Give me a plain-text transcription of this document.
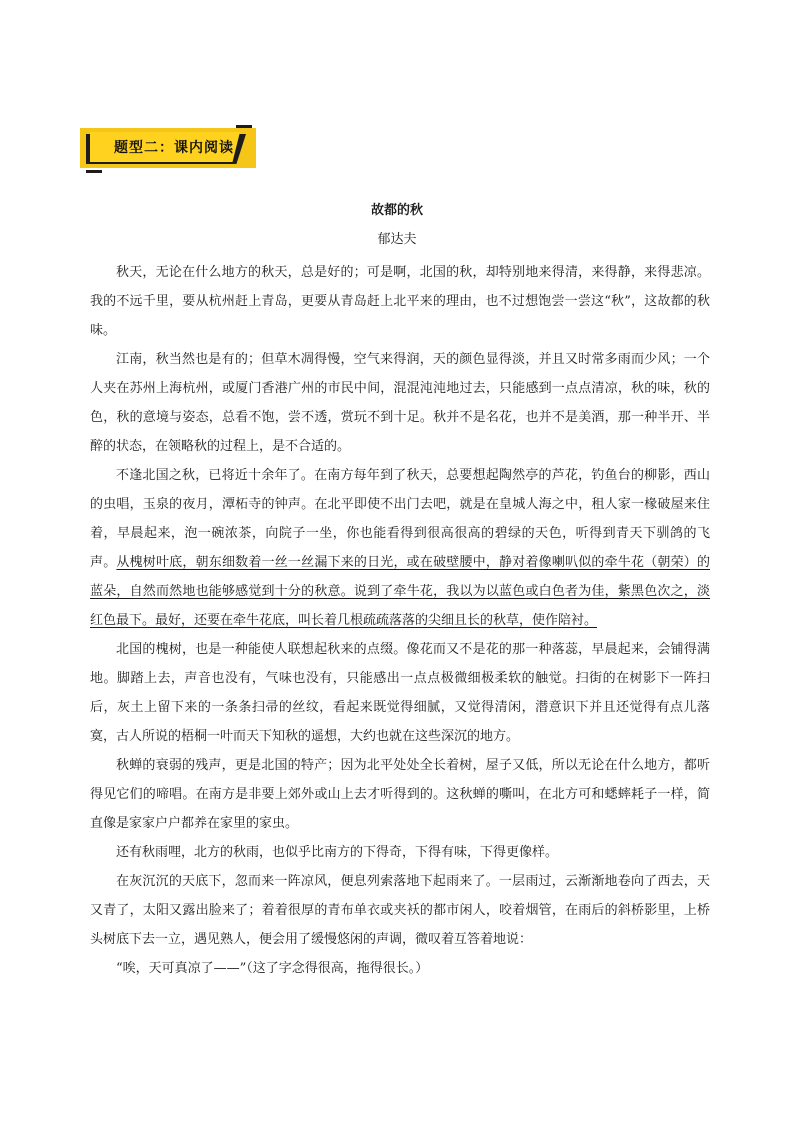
题型二：课内阅读
故都的秋
郁达夫

秋天，无论在什么地方的秋天，总是好的；可是啊，北国的秋，却特别地来得清，来得静，来得悲凉。我的不远千里，要从杭州赶上青岛，更要从青岛赶上北平来的理由，也不过想饱尝一尝这“秋”，这故都的秋味。

江南，秋当然也是有的；但草木凋得慢，空气来得润，天的颜色显得淡，并且又时常多雨而少风；一个人夹在苏州上海杭州，或厦门香港广州的市民中间，混混沌沌地过去，只能感到一点点清凉，秋的味，秋的色，秋的意境与姿态，总看不饱，尝不透，赏玩不到十足。秋并不是名花，也并不是美酒，那一种半开、半醉的状态，在领略秋的过程上，是不合适的。

不逢北国之秋，已将近十余年了。在南方每年到了秋天，总要想起陶然亭的芦花，钓鱼台的柳影，西山的虫唱，玉泉的夜月，潭柘寺的钟声。在北平即使不出门去吧，就是在皇城人海之中，租人家一椽破屋来住着，早晨起来，泡一碗浓茶，向院子一坐，你也能看得到很高很高的碧绿的天色，听得到青天下驯鸽的飞声。从槐树叶底，朝东细数着一丝一丝漏下来的日光，或在破壁腰中，静对着像喇叭似的牵牛花（朝荣）的蓝朵，自然而然地也能够感觉到十分的秋意。说到了牵牛花，我以为以蓝色或白色者为佳，紫黑色次之，淡红色最下。最好，还要在牵牛花底，叫长着几根疏疏落落的尖细且长的秋草，使作陪衬。

北国的槐树，也是一种能使人联想起秋来的点缀。像花而又不是花的那一种落蕊，早晨起来，会铺得满地。脚踏上去，声音也没有，气味也没有，只能感出一点点极微细极柔软的触觉。扫街的在树影下一阵扫后，灰土上留下来的一条条扫帚的丝纹，看起来既觉得细腻，又觉得清闲，潜意识下并且还觉得有点儿落寞，古人所说的梧桐一叶而天下知秋的遥想，大约也就在这些深沉的地方。

秋蝉的衰弱的残声，更是北国的特产；因为北平处处全长着树，屋子又低，所以无论在什么地方，都听得见它们的啼唱。在南方是非要上郊外或山上去才听得到的。这秋蝉的嘶叫，在北方可和蟋蟀耗子一样，简直像是家家户户都养在家里的家虫。

还有秋雨哩，北方的秋雨，也似乎比南方的下得奇，下得有味，下得更像样。

在灰沉沉的天底下，忽而来一阵凉风，便息列索落地下起雨来了。一层雨过，云渐渐地卷向了西去，天又青了，太阳又露出脸来了；着着很厚的青布单衣或夹袄的都市闲人，咬着烟管，在雨后的斜桥影里，上桥头树底下去一立，遇见熟人，便会用了缓慢悠闲的声调，微叹着互答着地说：

“唉，天可真凉了——”（这了字念得很高，拖得很长。）
